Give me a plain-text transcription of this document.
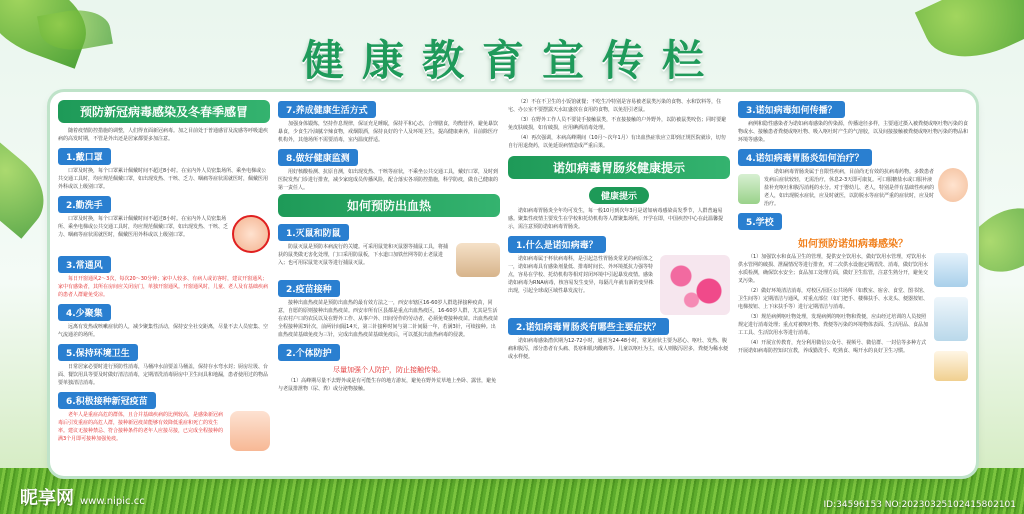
健康教育宣传栏
预防新冠病毒感染及冬春季感冒
随着疫情防控措施的调整，人们得直面新冠病毒。加之目前处于普通感冒及流感等呼吸道疾病的高发时期，不管是外出还是居家都要多加注意。
1.戴口罩
口罩及时换，每个口罩累计佩戴时间不超过8小时。在室内外人员密集场所、乘坐电梯或公共交通工具时，均应规范佩戴口罩，如出现发热、干咳、乏力、咽痛等症状需就医时，佩戴医用外科或以上级别口罩。
2.勤洗手
口罩及时换，每个口罩累计佩戴时间不超过8小时。在室内外人员密集场所、乘坐电梯或公共交通工具时，均应规范佩戴口罩，如出现发热、干咳、乏力、咽痛等症状需就医时，佩戴医用外科或以上级别口罩。
3.常通风
每日开窗通风2～3次，每次20～30分钟；家中人较多、有病人或访客时，建议开窗通风；家中有感染者，其所在房间应关闭房门，单独开窗通风。开窗通风时，儿童、老人及有基础疾病的患者人群避免受凉。
4.少聚集
远离有发热或咳嗽症状的人，减少聚集性活动，保持安全社交距离，尽量不去人员密集、空气流通差的场所。
5.保持环境卫生
日常居家必要时进行预防性消毒，马桶冲水前要盖马桶盖，保持存水弯水封；厨房垃圾、台面、餐饮用具等要及时做好清洁消毒，定期清洗消毒厨房中卫生间具和地漏，患者使用过的物品要单独清洁消毒。
6.积极接种新冠疫苗
老年人是重症高危的群体，且合并基础疾病的比例较高，是感染新冠病毒后引发重症的高危人群，接种新冠疫苗能够有效降低重症和死亡的发生率。建议无接种禁忌、符合接种条件的老年人应接尽接，已完成全程接种的满3个月即可接种加强免疫。
7.养成健康生活方式
加强身体锻炼，坚持作息规律，保证充足睡眠，保持平和心态，合理膳食，均衡营养，避免暴饮暴食，少食生冷油腻辛辣食物，戒烟限酒，保持良好的个人及环境卫生，提高健康素养，目前除医疗机构外，其他场所不需要消毒，室内温度舒适。
8.做好健康监测
用好核酸检测、抗原自测，如出现发热、干咳等症状，不乘坐公共交通工具，戴好口罩，及时到医院发热门诊进行排查，减少家庭成员传播风险，配合落实各项防控措施，科学防疫，做自己健康的第一责任人。
如何预防出血热
1.灭鼠和防鼠
防鼠灭鼠是预防本病流行的关键。可采用鼠笼和灭鼠器等捕鼠工具，将捕获的鼠类做无害化处理，门口采用防鼠板，下水道口加铁丝网等防止老鼠进入；也可用尿鼠笼灭鼠等进行捕鼠灭鼠。
2.疫苗接种
接种出血热疫苗是预防出血热的最有效方法之一，西安市辖区16-60岁人群选择接种疫苗，同意，自愿的原则接种出血热疫苗。西安市所有区县都是重点出血热疫区，16-60岁人群，尤其是生活在农村户口的农民以及在野外工作、从事户外、田间劳作的劳动者，必须免费接种疫苗。出血热疫苗全程接种需3针次，前两针间隔14天，第三针接种时间与第二针间隔一年，若满3针，可续接种。出血热疫苗基础免疫为三针，完成出血热疫苗基础免疫后，可以抵抗出血热病毒的侵袭。
2.个体防护
尽量加强个人防护，防止接触传染。
（1）高峰期尽量不去野外或是有可能生存的地方游玩，避免在野外荒草地上坐卧、露营，避免与老鼠排泄物（尿、粪）或分泌物接触。
（2）不在不卫生的小饭馆就餐；不吃生冷特别是容易被老鼠类污染的食物、水和饮料等，住宅、办公室不要摆露天水缸盛放在食用的食物，以免招引老鼠。
（3）在野外工作人员不要徒手接触鼠类，不直接接触的户外野外，以防被鼠类咬伤；同时要避免皮肤破损，如有破损，应用碘酒消毒处理。
（4）再次强调，本病高峰期间（10月～次年1月）有出血热症状应立即到正规医院就诊，切勿自行用退烧药，以免延误病情造成严重后果。
诺如病毒胃肠炎健康提示
健康提示
诺如病毒胃肠炎全年均可发生，每一般10月到次年3月是诺如病毒感染高发季节，人群普遍易感。聚集性疫情主要发生在学校和托幼机构等人群聚集场所，开学在即，中国疾控中心在此温馨提示，需注意预防诺如病毒胃肠炎。
1.什么是诺如病毒？
诺如病毒属于杯状病毒科，是引起急性胃肠炎常见的病原体之一，诺如病毒具有感染剂量低、排毒时间长、外环境抵抗力强等特点，容易在学校、托幼机构等相对封闭环境中引起暴发疫情。感染诺如病毒为RNA病毒，核容易发生变异，每隔几年就有新的变异株出现，引起全球或区域性暴发流行。
2.诺如病毒胃肠炎有哪些主要症状？
诺如病毒感染潜伏期为12-72小时，通常为24-48小时，常见症状主要为恶心、呕吐、发热、腹痛和腹泻，部分患者有头痛、畏寒和肌肉酸痛等。儿童以呕吐为主，成人则腹泻居多，粪便为稀水便或水样便。
3.诺如病毒如何传播？
病例和隐性感染者为诺如病毒感染的传染源，传播途径多样，主要通过摄入被粪便或呕吐物污染的食物或水、接触患者粪便或呕吐物、吸入呕吐时产生的气溶胶，以及间接接触被粪便或呕吐物污染的物品和环境等感染。
4.诺如病毒胃肠炎如何治疗？
诺如病毒胃肠炎属于自限性疾病，目前尚无有效的抗病毒药物。多数患者发病后症状较轻，无需治疗，休息2-3天即可康复。可口服糖盐水或口服补液盐补充呕吐和腹泻消耗的水分。对于婴幼儿、老人，特别是伴有基础性疾病的老人，如出现脱水症状，应及时就医，以防脱水等症状严重的症状时，应及时治疗。
5.学校
如何预防诺如病毒感染？
（1）加强饮水和食品卫生的管理，提供安全饮用水，做好饮用水管理，对饮用水供水管网的破损、泄漏情况等进行排查，对二次供水设施定期清洗、消毒，做好饮用水水质检测，确保饮水安全；食品加工处理方面，做好卫生监管，注意生熟分开，避免交叉污染。
（2）做好环境清洁消毒，对校区/园区公共场所（如教室、宿舍、食堂、图书馆、卫生间等）定期清洁与通风，对重点部位（如门把手、楼梯扶手、水龙头、便器按钮、电梯按钮、上下床扶手等）进行定期清洁与消毒。
（3）规范病例呕吐物处理，发现病例的呕吐物和粪便，应由经过培训的人员按照规定进行消毒处理；重点对被呕吐物、粪便等污染的环境物体表面、生活用品、食品加工工具、生活饮用水等进行消毒。
（4）开展宣传教育，充分利用微信公众号、视频号、微信群、一封信等多种方式开展诺如病毒防控知识宣教，养成勤洗手、吃熟食、喝开水的良好卫生习惯。
昵享网 www.nipic.cc	ID:34596153 NO:20230325102415802101
